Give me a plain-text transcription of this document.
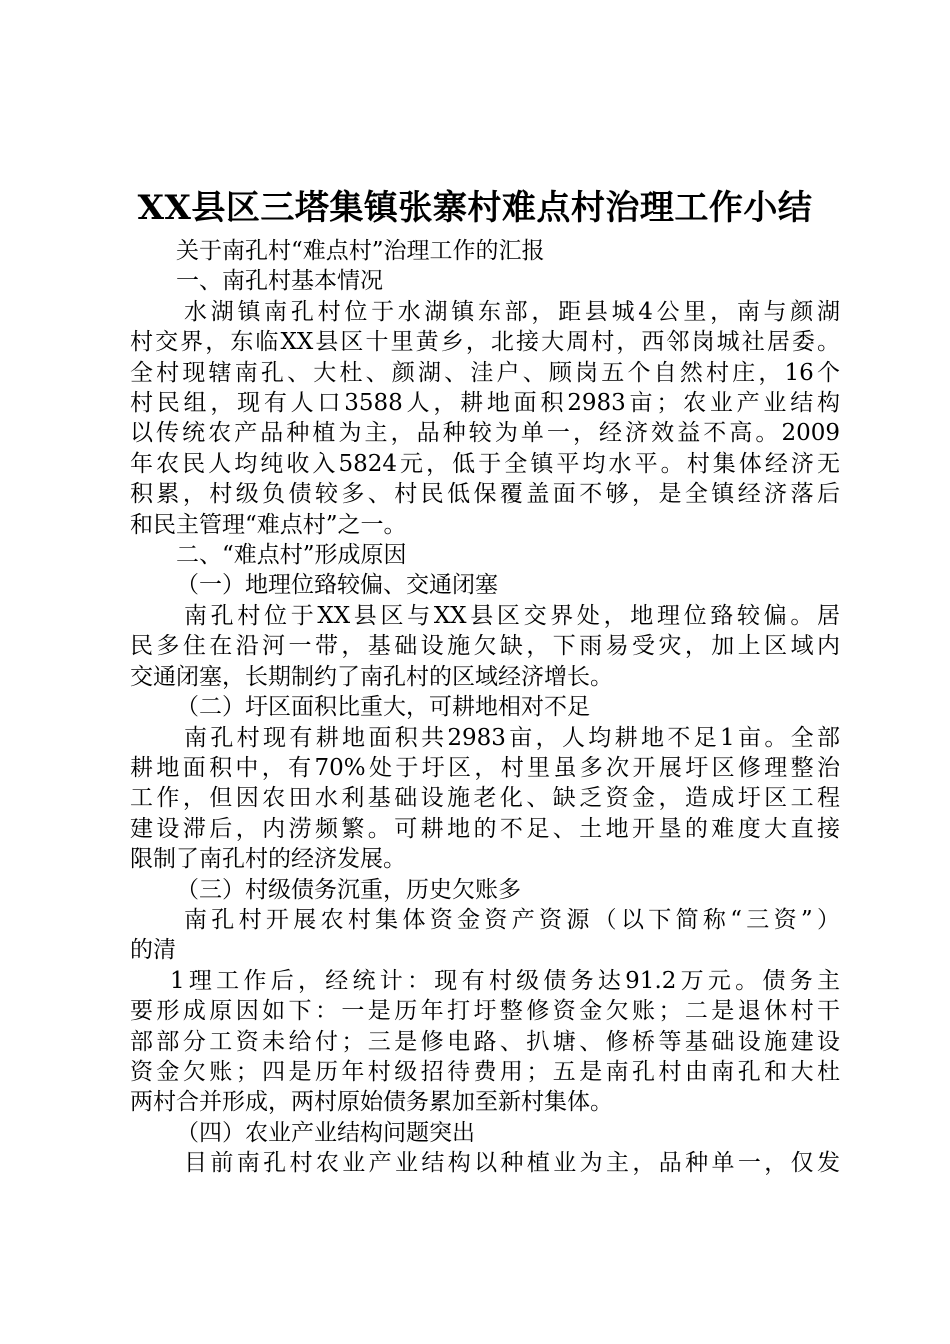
XX县区三塔集镇张寨村难点村治理工作小结

关于南孔村“难点村”治理工作的汇报

一、南孔村基本情况

水湖镇南孔村位于水湖镇东部，距县城4公里，南与颜湖

村交界，东临XX县区十里黄乡，北接大周村，西邻岗城社居委。

全村现辖南孔、大杜、颜湖、洼户、顾岗五个自然村庄，16个

村民组，现有人口3588人，耕地面积2983亩；农业产业结构

以传统农产品种植为主，品种较为单一，经济效益不高。2009

年农民人均纯收入5824元，低于全镇平均水平。村集体经济无

积累，村级负债较多、村民低保覆盖面不够，是全镇经济落后

和民主管理“难点村”之一。

二、“难点村”形成原因

（一）地理位臵较偏、交通闭塞

南孔村位于XX县区与XX县区交界处，地理位臵较偏。居

民多住在沿河一带，基础设施欠缺，下雨易受灾，加上区域内

交通闭塞，长期制约了南孔村的区域经济增长。

（二）圩区面积比重大，可耕地相对不足

南孔村现有耕地面积共2983亩，人均耕地不足1亩。全部

耕地面积中，有70%处于圩区，村里虽多次开展圩区修理整治

工作，但因农田水利基础设施老化、缺乏资金，造成圩区工程

建设滞后，内涝频繁。可耕地的不足、土地开垦的难度大直接

限制了南孔村的经济发展。

（三）村级债务沉重，历史欠账多

南孔村开展农村集体资金资产资源（以下简称“三资”）

的清

1理工作后，经统计：现有村级债务达91.2万元。债务主

要形成原因如下：一是历年打圩整修资金欠账；二是退休村干

部部分工资未给付；三是修电路、扒塘、修桥等基础设施建设

资金欠账；四是历年村级招待费用；五是南孔村由南孔和大杜

两村合并形成，两村原始债务累加至新村集体。

（四）农业产业结构问题突出

目前南孔村农业产业结构以种植业为主，品种单一，仅发
